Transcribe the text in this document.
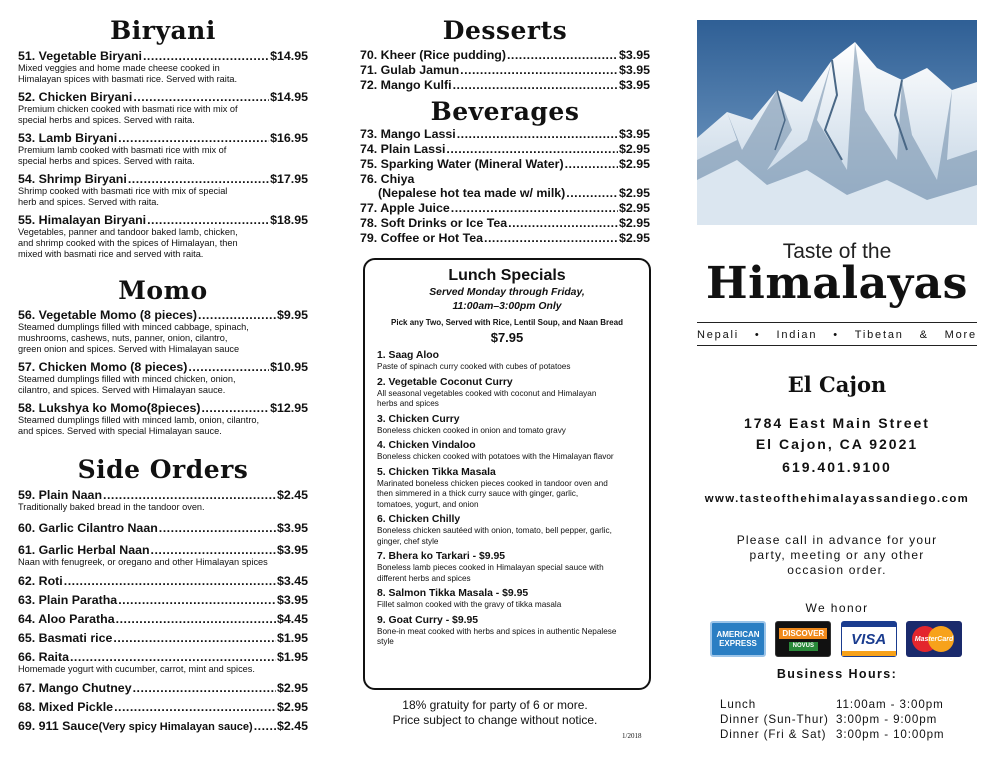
Biryani
51. Vegetable Biryani .....	$14.95
Mixed veggies and home made cheese cooked in
Himalayan spices with basmati rice. Served with raita.
52. Chicken Biryani .....	$14.95
Premium chicken cooked with basmati rice with mix of
special herbs and spices. Served with raita.
53. Lamb Biryani .....	$16.95
Premium lamb cooked with basmati rice with mix of
special herbs and spices. Served with raita.
54. Shrimp Biryani .....	$17.95
Shrimp cooked with basmati rice with mix of special
herb and spices. Served with raita.
55. Himalayan Biryani .....	$18.95
Vegetables, panner and tandoor baked lamb, chicken,
and shrimp cooked with the spices of Himalayan, then
mixed with basmati rice and served with raita.
Momo
56. Vegetable Momo (8 pieces) .....	$9.95
Steamed dumplings filled with minced cabbage, spinach,
mushrooms, cashews, nuts, panner, onion, cilantro,
green onion and spices. Served with Himalayan sauce
57. Chicken Momo (8 pieces) .....	$10.95
Steamed dumplings filled with minced chicken, onion,
cilantro, and spices. Served with Himalayan sauce.
58. Lukshya ko Momo(8pieces) .....	$12.95
Steamed dumplings filled with minced lamb, onion, cilantro,
and spices. Served with special Himalayan sauce.
Side Orders
59. Plain Naan .....	$2.45
Traditionally baked bread in the tandoor oven.
60. Garlic Cilantro Naan .....	$3.95
61. Garlic Herbal Naan .....	$3.95
Naan with fenugreek, or oregano and other Himalayan spices
62. Roti .....	$3.45
63. Plain Paratha .....	$3.95
64. Aloo Paratha .....	$4.45
65. Basmati rice .....	$1.95
66. Raita .....	$1.95
Homemade yogurt with cucumber, carrot, mint and spices.
67. Mango Chutney .....	$2.95
68. Mixed Pickle .....	$2.95
69. 911 Sauce (Very spicy Himalayan sauce) ..... $2.45
Desserts
70. Kheer (Rice pudding) .....	$3.95
71. Gulab Jamun .....	$3.95
72. Mango Kulfi .....	$3.95
Beverages
73. Mango Lassi .....	$3.95
74. Plain Lassi .....	$2.95
75. Sparking Water (Mineral Water) .....	$2.95
76. Chiya
(Nepalese hot tea made w/ milk) .....	$2.95
77. Apple Juice .....	$2.95
78. Soft Drinks or Ice Tea .....	$2.95
79. Coffee or Hot Tea .....	$2.95
Lunch Specials
Served Monday through Friday,
11:00am–3:00pm Only
Pick any Two, Served with Rice, Lentil Soup, and Naan Bread
$7.95
1. Saag Aloo
Paste of spinach curry cooked with cubes of potatoes
2. Vegetable Coconut Curry
All seasonal vegetables cooked with coconut and Himalayan
herbs and spices
3. Chicken Curry
Boneless chicken cooked in onion and tomato gravy
4. Chicken Vindaloo
Boneless chicken cooked with potatoes with the Himalayan flavor
5. Chicken Tikka Masala
Marinated boneless chicken pieces cooked in tandoor oven and
then simmered in a thick curry sauce with ginger, garlic,
tomatoes, yogurt, and onion
6. Chicken Chilly
Boneless chicken sautéed with onion, tomato, bell pepper, garlic,
ginger, chef style
7. Bhera ko Tarkari - $9.95
Boneless lamb pieces cooked in Himalayan special sauce with
different herbs and spices
8. Salmon Tikka Masala - $9.95
Fillet salmon cooked with the gravy of tikka masala
9. Goat Curry - $9.95
Bone-in meat cooked with herbs and spices in authentic Nepalese
style
18% gratuity for party of 6 or more.
Price subject to change without notice.
1/2018
Taste of the
Himalayas
Nepali • Indian • Tibetan & More
El Cajon
1784 East Main Street
El Cajon, CA 92021
619.401.9100
www.tasteofthehimalayassandiego.com
Please call in advance for your
party, meeting or any other
occasion order.
We honor
AMERICAN
EXPRESS
DISCOVER
NOVUS VISA	MasterCard
Business Hours:
Lunch	11:00am - 3:00pm
Dinner (Sun-Thur) 3:00pm - 9:00pm
Dinner (Fri & Sat) 3:00pm - 10:00pm
